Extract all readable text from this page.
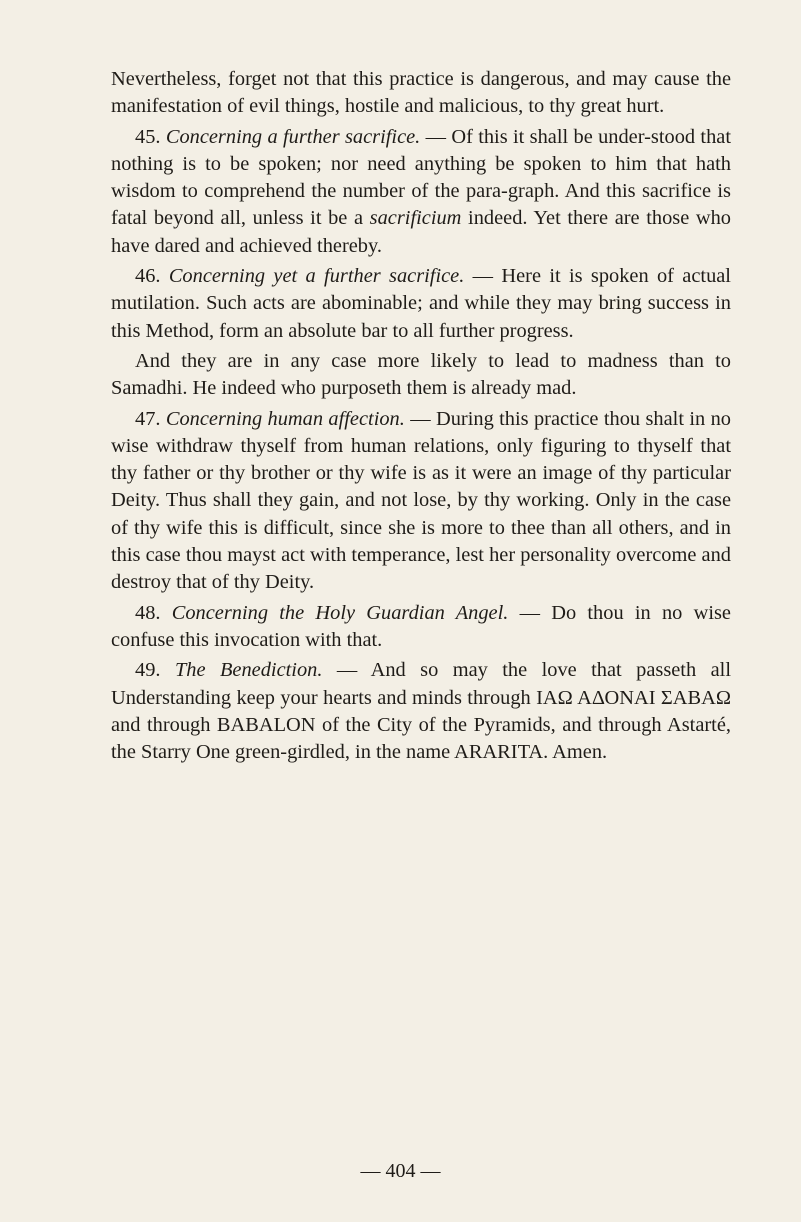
Nevertheless, forget not that this practice is dangerous, and may cause the manifestation of evil things, hostile and malicious, to thy great hurt.

45. Concerning a further sacrifice. — Of this it shall be under-stood that nothing is to be spoken; nor need anything be spoken to him that hath wisdom to comprehend the number of the para-graph. And this sacrifice is fatal beyond all, unless it be a sacrificium indeed. Yet there are those who have dared and achieved thereby.

46. Concerning yet a further sacrifice. — Here it is spoken of actual mutilation. Such acts are abominable; and while they may bring success in this Method, form an absolute bar to all further progress.

And they are in any case more likely to lead to madness than to Samadhi. He indeed who purposeth them is already mad.

47. Concerning human affection. — During this practice thou shalt in no wise withdraw thyself from human relations, only figuring to thyself that thy father or thy brother or thy wife is as it were an image of thy particular Deity. Thus shall they gain, and not lose, by thy working. Only in the case of thy wife this is difficult, since she is more to thee than all others, and in this case thou mayst act with temperance, lest her personality overcome and destroy that of thy Deity.

48. Concerning the Holy Guardian Angel. — Do thou in no wise confuse this invocation with that.

49. The Benediction. — And so may the love that passeth all Understanding keep your hearts and minds through ΙΑΩ ΑΔΟΝΑΙ ΣΑΒΑΩ and through BABALON of the City of the Pyramids, and through Astarté, the Starry One green-girdled, in the name ARARITA. Amen.

— 404 —
